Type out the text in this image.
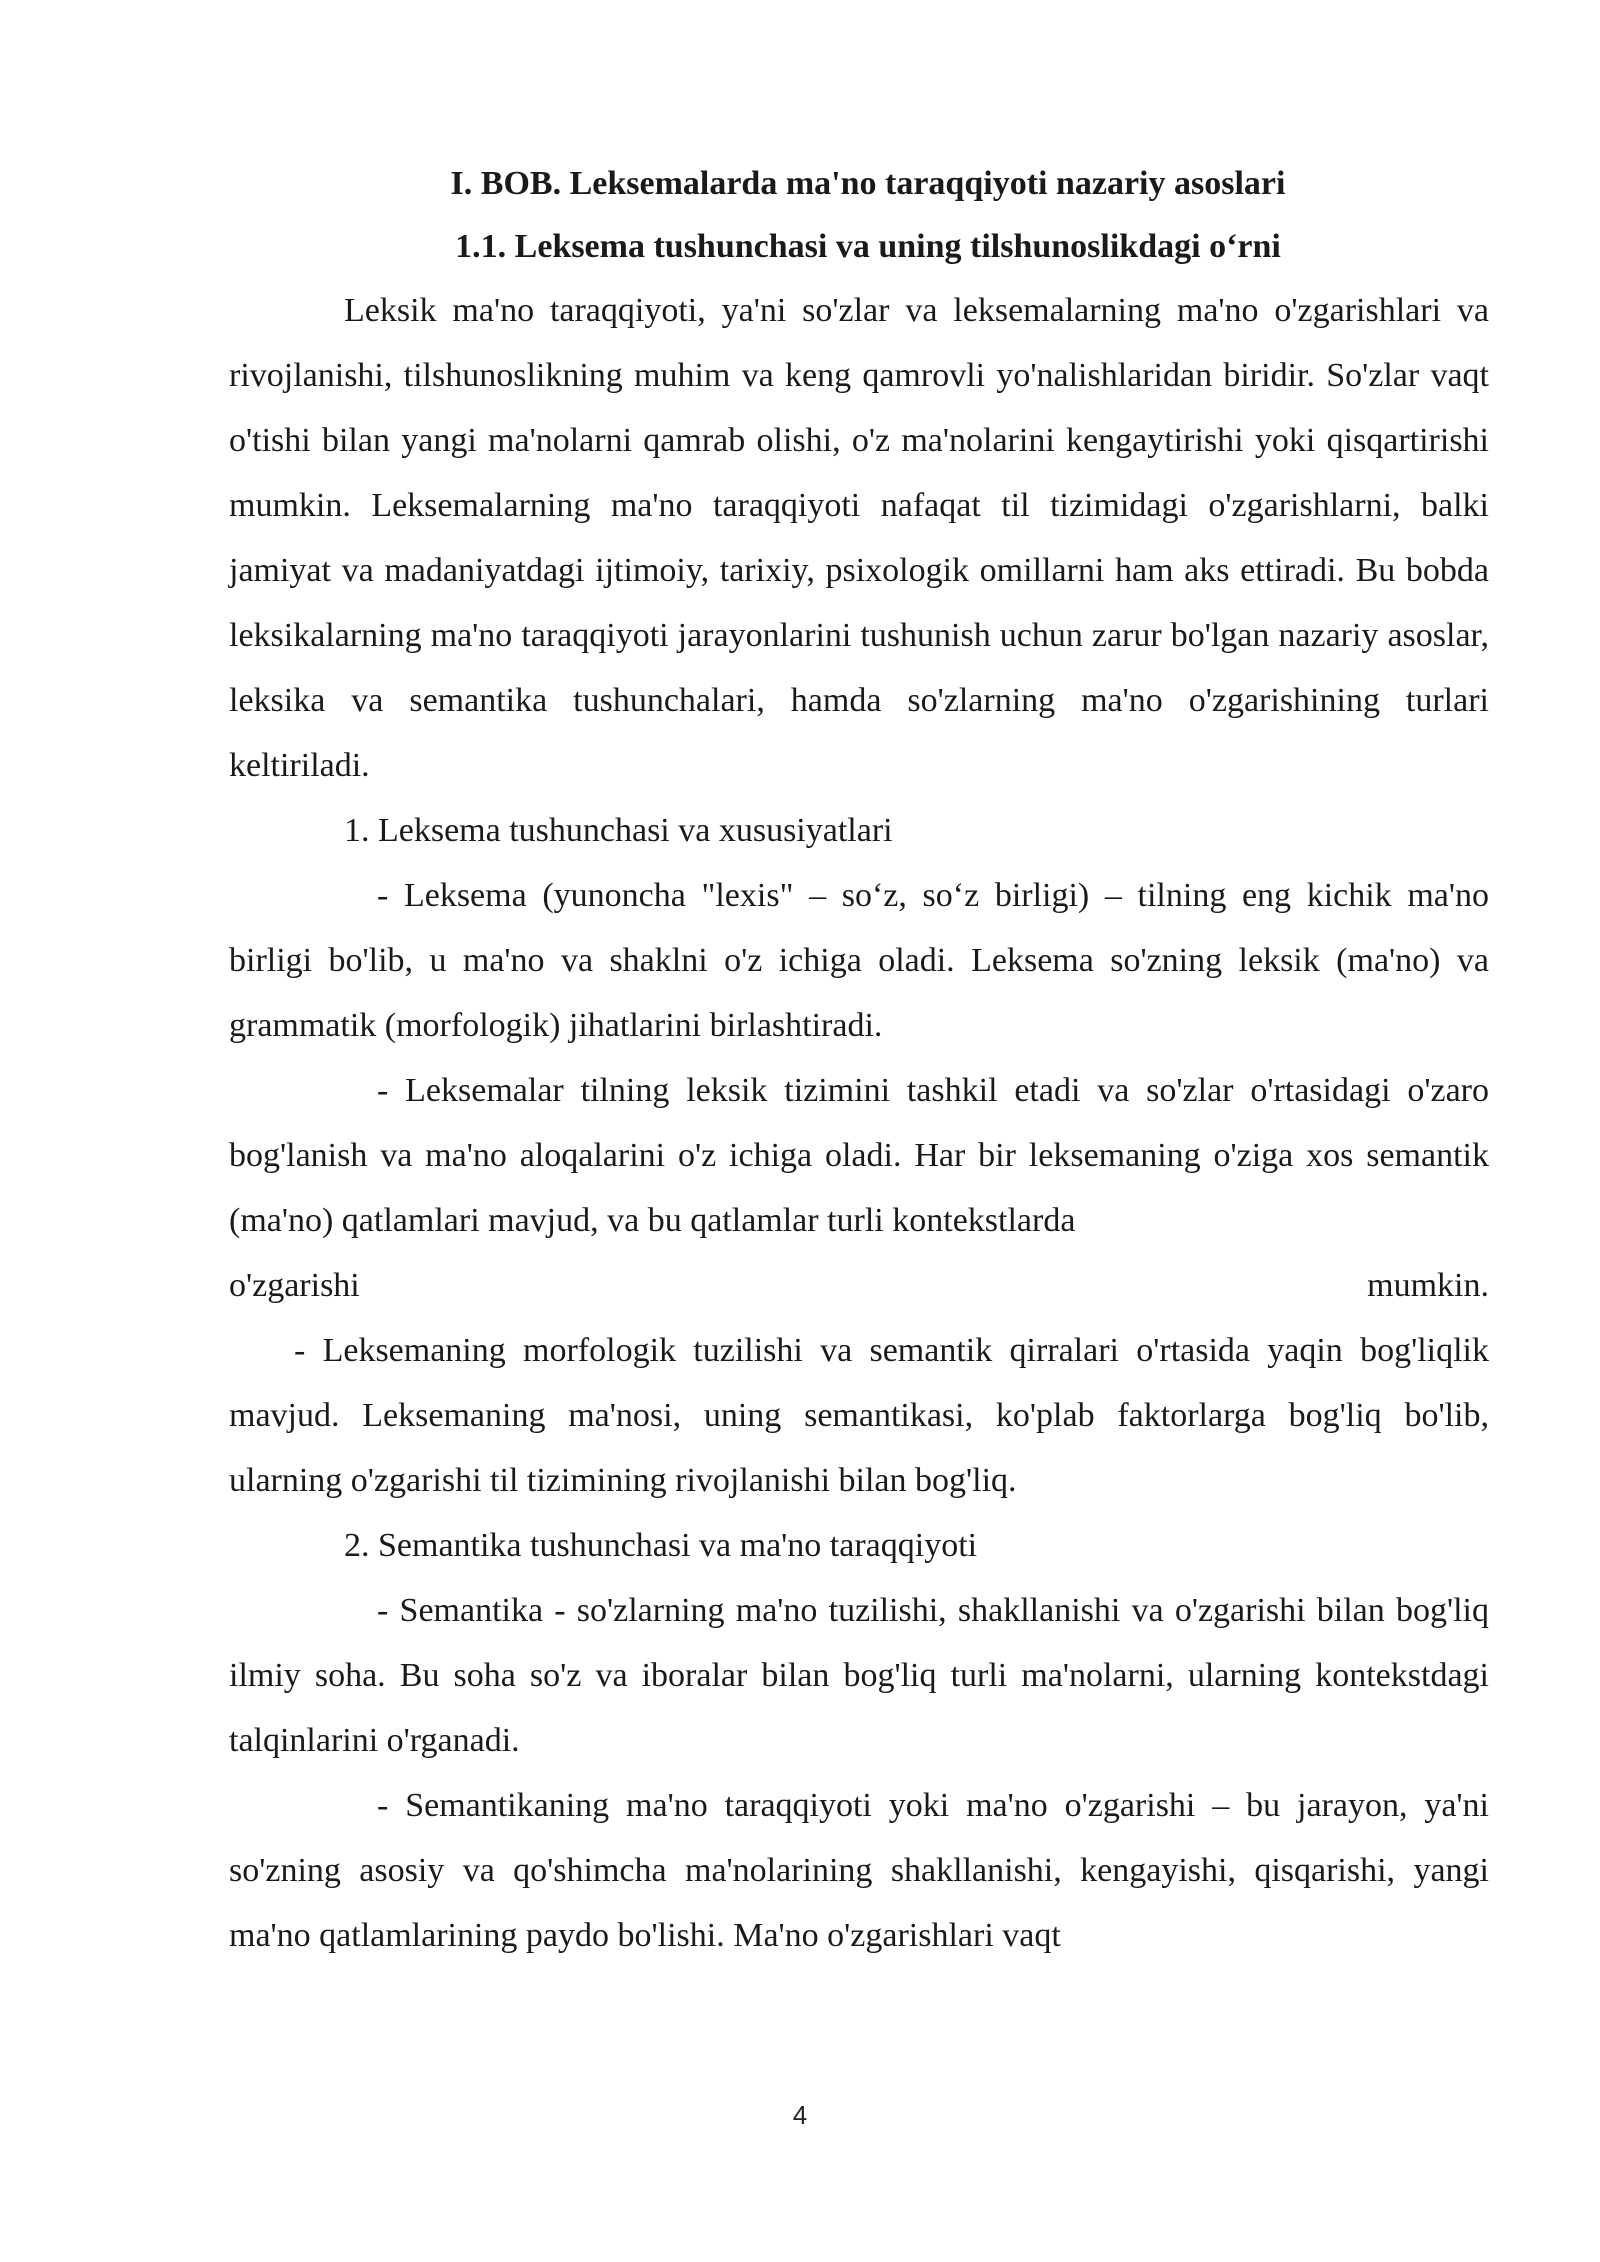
I. BOB. Leksemalarda ma'no taraqqiyoti nazariy asoslari
1.1. Leksema tushunchasi va uning tilshunoslikdagi o‘rni

Leksik ma'no taraqqiyoti, ya'ni so'zlar va leksemalarning ma'no o'zgarishlari va rivojlanishi, tilshunoslikning muhim va keng qamrovli yo'nalishlaridan biridir. So'zlar vaqt o'tishi bilan yangi ma'nolarni qamrab olishi, o'z ma'nolarini kengaytirishi yoki qisqartirishi mumkin. Leksemalarning ma'no taraqqiyoti nafaqat til tizimidagi o'zgarishlarni, balki jamiyat va madaniyatdagi ijtimoiy, tarixiy, psixologik omillarni ham aks ettiradi. Bu bobda leksikalarning ma'no taraqqiyoti jarayonlarini tushunish uchun zarur bo'lgan nazariy asoslar, leksika va semantika tushunchalari, hamda so'zlarning ma'no o'zgarishining turlari keltiriladi.

1. Leksema tushunchasi va xususiyatlari

- Leksema (yunoncha "lexis" – so‘z, so‘z birligi) – tilning eng kichik ma'no birligi bo'lib, u ma'no va shaklni o'z ichiga oladi. Leksema so'zning leksik (ma'no) va grammatik (morfologik) jihatlarini birlashtiradi.

- Leksemalar tilning leksik tizimini tashkil etadi va so'zlar o'rtasidagi o'zaro bog'lanish va ma'no aloqalarini o'z ichiga oladi. Har bir leksemaning o'ziga xos semantik (ma'no) qatlamlari mavjud, va bu qatlamlar turli kontekstlarda

o'zgarishi	mumkin.

- Leksemaning morfologik tuzilishi va semantik qirralari o'rtasida yaqin bog'liqlik mavjud. Leksemaning ma'nosi, uning semantikasi, ko'plab faktorlarga bog'liq bo'lib, ularning o'zgarishi til tizimining rivojlanishi bilan bog'liq.

2. Semantika tushunchasi va ma'no taraqqiyoti

- Semantika - so'zlarning ma'no tuzilishi, shakllanishi va o'zgarishi bilan bog'liq ilmiy soha. Bu soha so'z va iboralar bilan bog'liq turli ma'nolarni, ularning kontekstdagi talqinlarini o'rganadi.

- Semantikaning ma'no taraqqiyoti yoki ma'no o'zgarishi – bu jarayon, ya'ni so'zning asosiy va qo'shimcha ma'nolarining shakllanishi, kengayishi, qisqarishi, yangi ma'no qatlamlarining paydo bo'lishi. Ma'no o'zgarishlari vaqt

4
